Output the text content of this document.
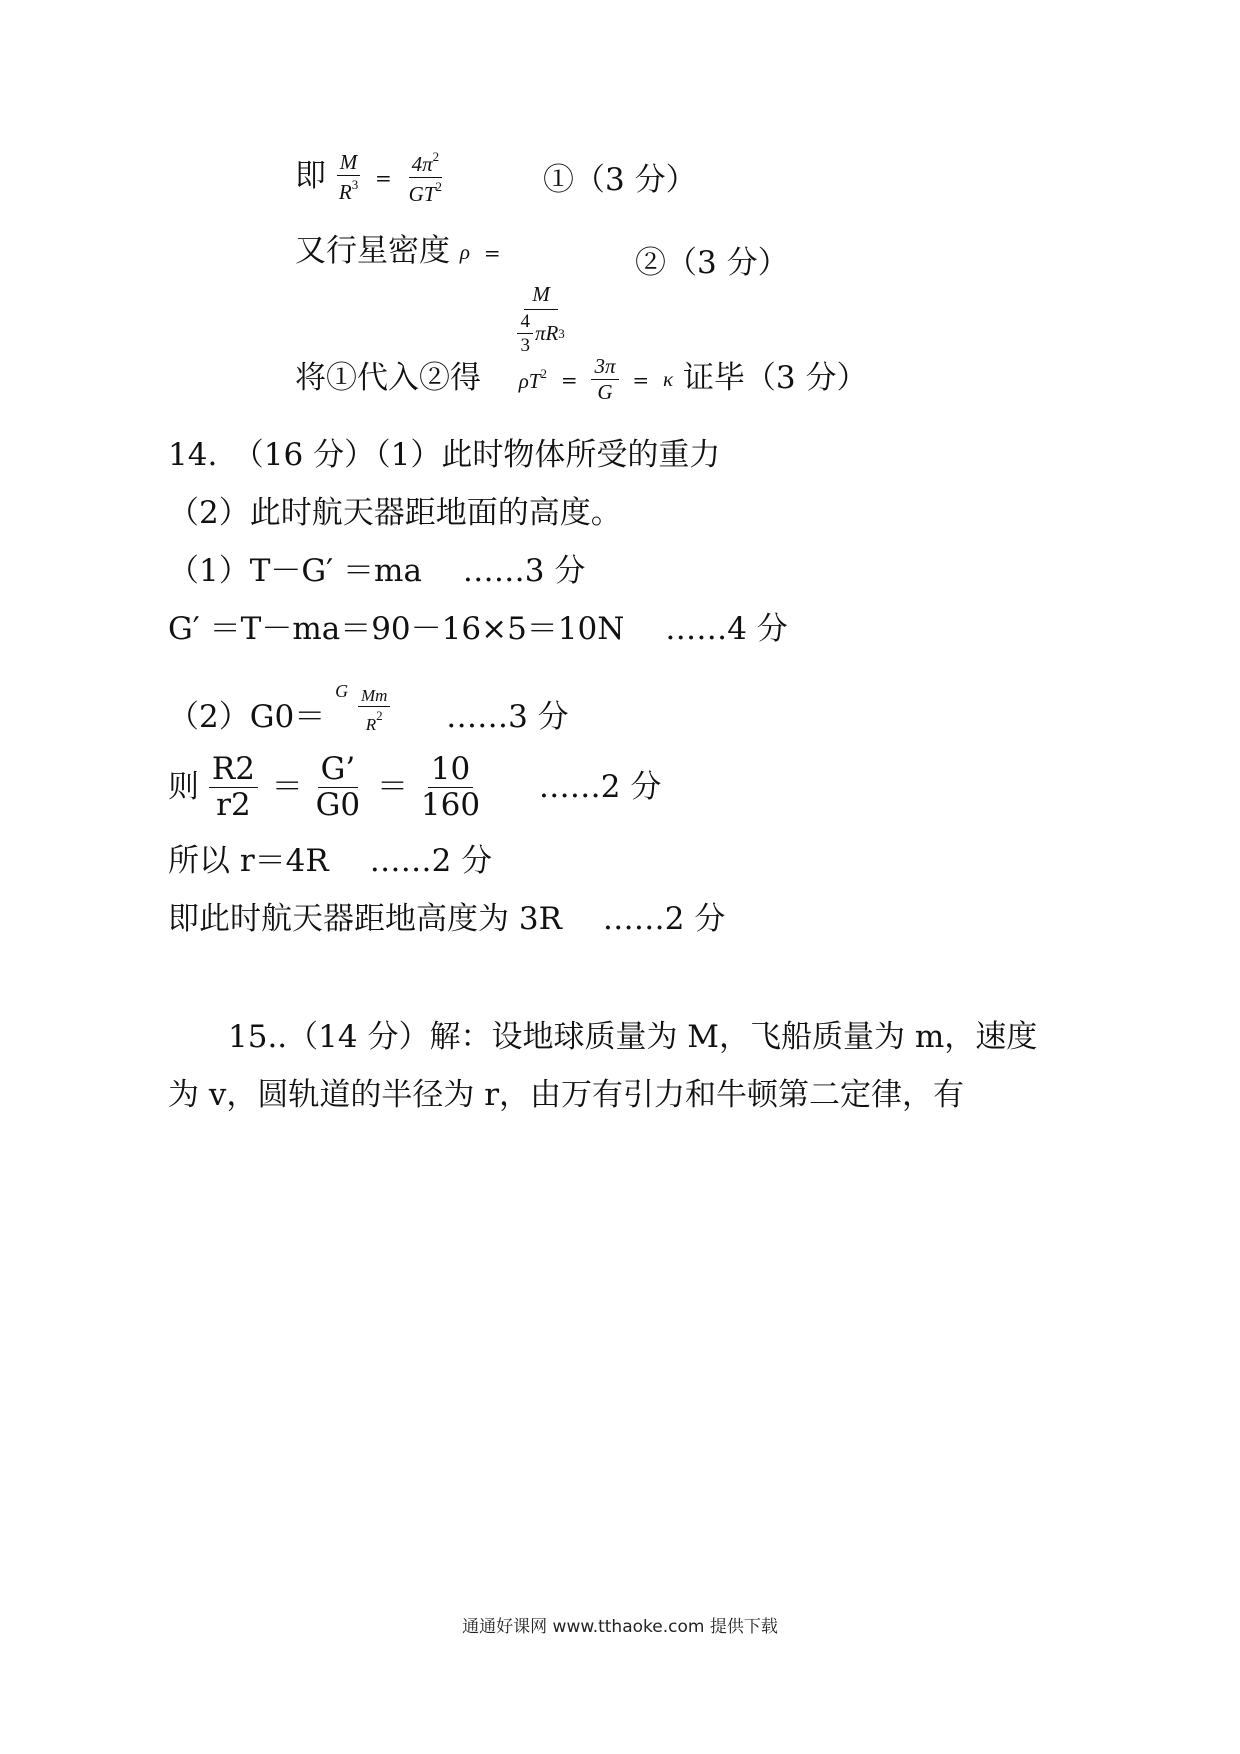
即 $\frac{M}{R^3} = \frac{4\pi^2}{GT^2}$	①（3 分）
又行星密度 ρ =
$\frac{M}{\frac{4}{3} \pi R 3}$
②（3 分）
将①代入②得 $\rho T^2 = \frac{3\pi}{G} = \kappa$ 证毕（3 分）
14.　（16 分）（1）此时物体所受的重力
（2）此时航天器距地面的高度。
（1）T－G′ ＝ma　 ……3 分
G′ ＝T－ma＝90－16×5＝10N　 ……4 分
$(2)G0= ^G \frac{Mm}{R^2}$ ……3 分
则 $\frac{R2}{r2} = \frac{G’}{G0} = \frac{10}{160}$ ……2 分
所以 r＝4R　 ……2 分
即此时航天器距地高度为 3R　 ……2 分
15..（14 分）解：设地球质量为 M，飞船质量为 m，速度
为 v，圆轨道的半径为 r，由万有引力和牛顿第二定律，有
通通好课网 www.tthaoke.com 提供下载
